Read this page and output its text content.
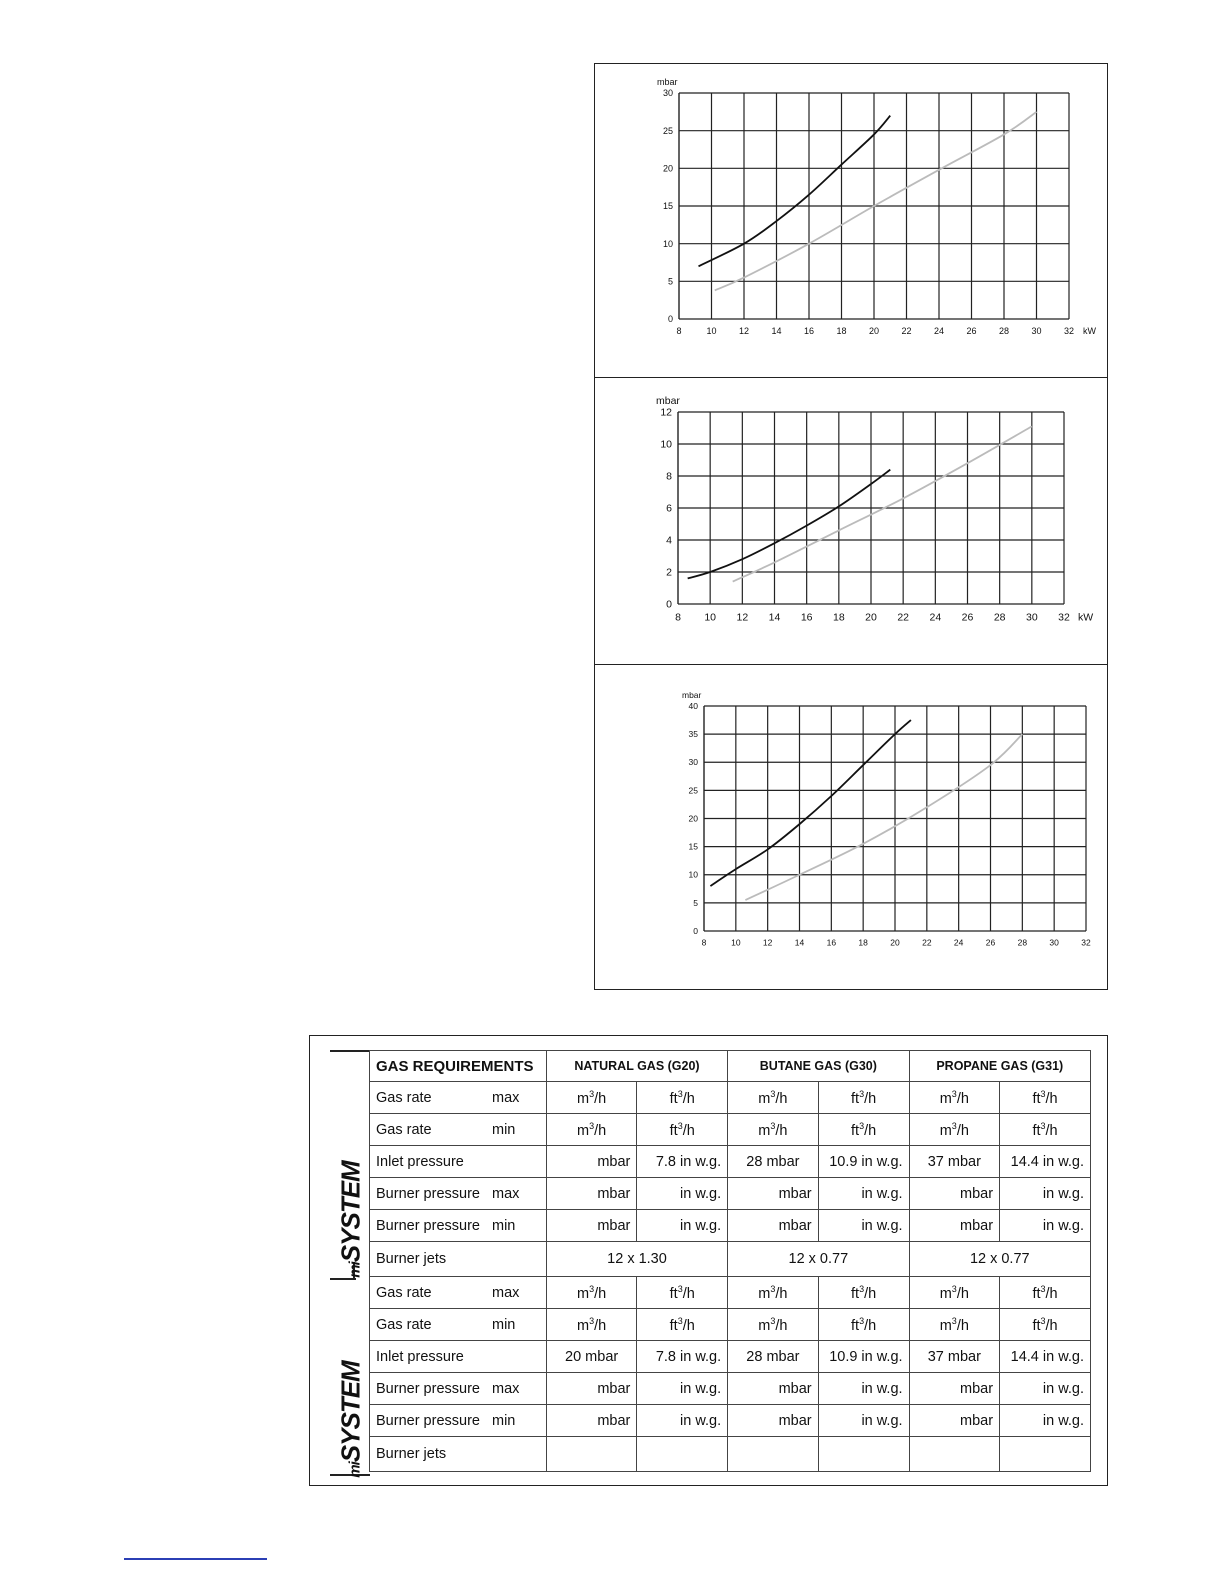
8	10 12 14 16 18 20 22 24 26 28 30 32
0
5
10
15
20
25
30
mbar
kW
8 10 12 14 16 18 20 22 24 26 28 30 32
0
2
4
6
8
10
12
mbar
kW
8	10	12	14	16	18	20	22	24	26	28	30	32
0
5
10
15
20
25
30
35
40
mbar
miSYSTEM
miSYSTEM
GAS REQUIREMENTS	NATURAL GAS (G20)		BUTANE GAS (G30)		PROPANE GAS (G31)	
Gas rate max	$m^3/h$	$ft^3/h$	$m^3/h$	$ft^3/h$	$m^3/h$	$ft^3/h$
Gas rate min	$m^3/h$	$ft^3/h$	$m^3/h$	$ft^3/h$	$m^3/h$	$ft^3/h$
Inlet pressure	mbar	7.8 in w.g.	28 mbar	10.9 in w.g.	37 mbar	14.4 in w.g.
Burner pressure max	mbar	in w.g.	mbar	in w.g.	mbar	in w.g.
Burner pressure min	mbar	in w.g.	mbar	in w.g.	mbar	in w.g.
Burner jets	12 x 1.30		12 x 0.77		12 x 0.77	
Gas rate max	$m^3/h$	$ft^3/h$	$m^3/h$	$ft^3/h$	$m^3/h$	$ft^3/h$
Gas rate min	$m^3/h$	$ft^3/h$	$m^3/h$	$ft^3/h$	$m^3/h$	$ft^3/h$
Inlet pressure	20 mbar	7.8 in w.g.	28 mbar	10.9 in w.g.	37 mbar	14.4 in w.g.
Burner pressure max	mbar	in w.g.	mbar	in w.g.	mbar	in w.g.
Burner pressure min	mbar	in w.g.	mbar	in w.g.	mbar	in w.g.
Burner jets						
